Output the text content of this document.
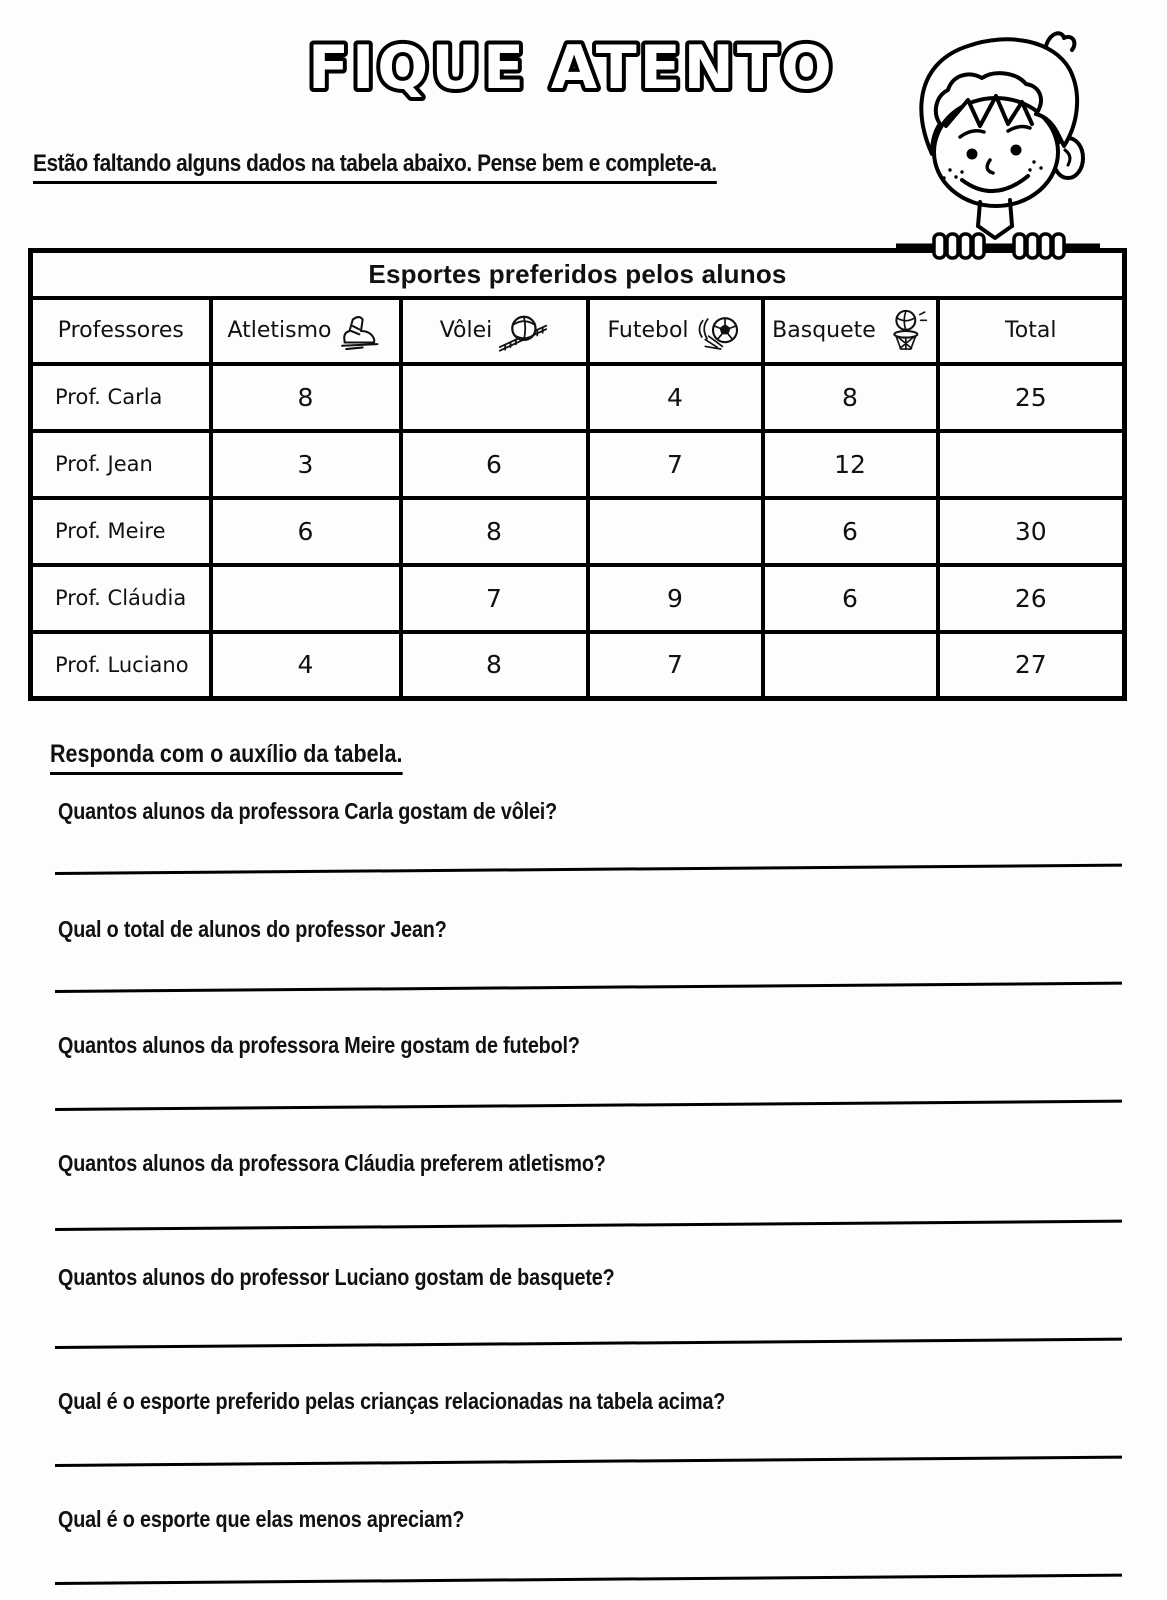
FIQUE ATENTO
Estão faltando alguns dados na tabela abaixo. Pense bem e complete-a.
Esportes preferidos pelos alunos					

Professores	Atletismo	Vôlei	Futebol	Basquete	Total

Prof. Carla	8		4	8	25
Prof. Jean	3	6	7	12	
Prof. Meire	6	8		6	30
Prof. Cláudia		7	9	6	26
Prof. Luciano	4	8	7		27
Responda com o auxílio da tabela.
Quantos alunos da professora Carla gostam de vôlei?
Qual o total de alunos do professor Jean?
Quantos alunos da professora Meire gostam de futebol?
Quantos alunos da professora Cláudia preferem atletismo?
Quantos alunos do professor Luciano gostam de basquete?
Qual é o esporte preferido pelas crianças relacionadas na tabela acima?
Qual é o esporte que elas menos apreciam?
